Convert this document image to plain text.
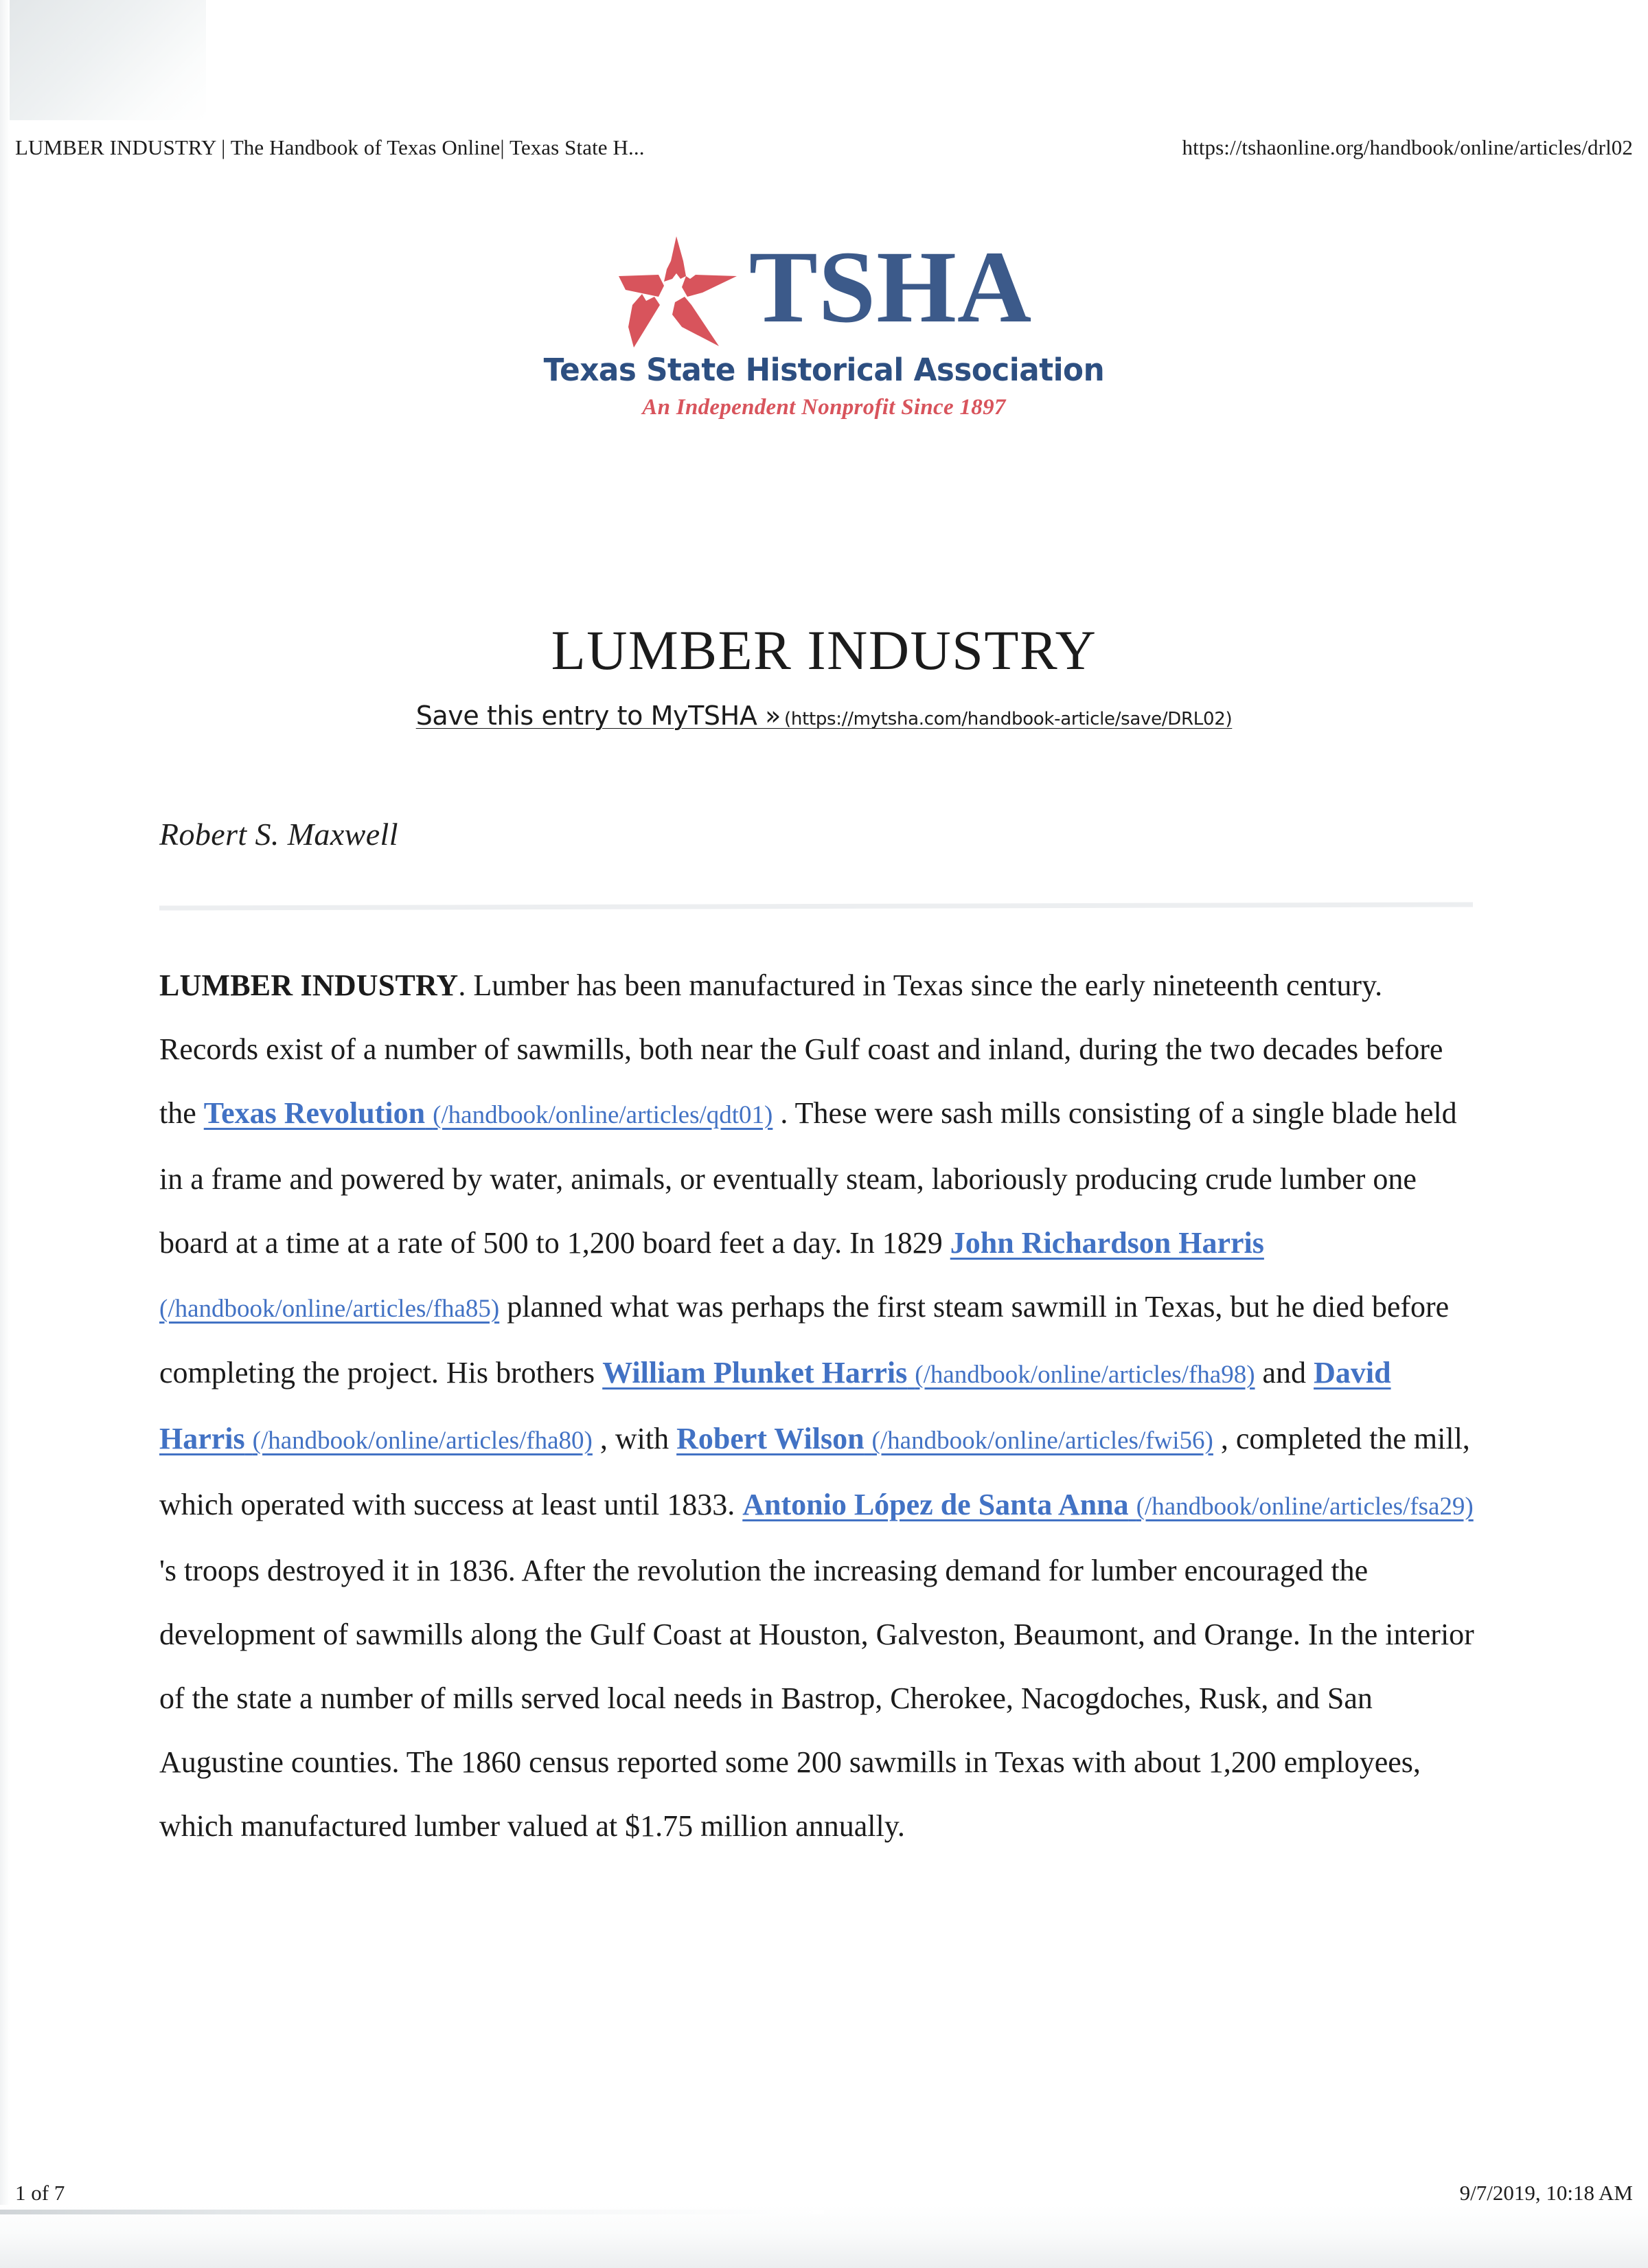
LUMBER INDUSTRY | The Handbook of Texas Online| Texas State H...	https://tshaonline.org/handbook/online/articles/drl02
TSHA
Texas State Historical Association
An Independent Nonprofit Since 1897
LUMBER INDUSTRY
Save this entry to MyTSHA » (https://mytsha.com/handbook-article/save/DRL02)
Robert S. Maxwell
LUMBER INDUSTRY. Lumber has been manufactured in Texas since the early nineteenth century. Records exist of a number of sawmills, both near the Gulf coast and inland, during the two decades before the Texas Revolution (/handbook/online/articles/qdt01) . These were sash mills consisting of a single blade held in a frame and powered by water, animals, or eventually steam, laboriously producing crude lumber one board at a time at a rate of 500 to 1,200 board feet a day. In 1829 John Richardson Harris (/handbook/online/articles/fha85) planned what was perhaps the first steam sawmill in Texas, but he died before completing the project. His brothers William Plunket Harris (/handbook/online/articles/fha98) and David Harris (/handbook/online/articles/fha80) , with Robert Wilson (/handbook/online/articles/fwi56) , completed the mill, which operated with success at least until 1833. Antonio López de Santa Anna (/handbook/online/articles/fsa29) 's troops destroyed it in 1836. After the revolution the increasing demand for lumber encouraged the development of sawmills along the Gulf Coast at Houston, Galveston, Beaumont, and Orange. In the interior of the state a number of mills served local needs in Bastrop, Cherokee, Nacogdoches, Rusk, and San Augustine counties. The 1860 census reported some 200 sawmills in Texas with about 1,200 employees, which manufactured lumber valued at $1.75 million annually.
1 of 7	9/7/2019, 10:18 AM
